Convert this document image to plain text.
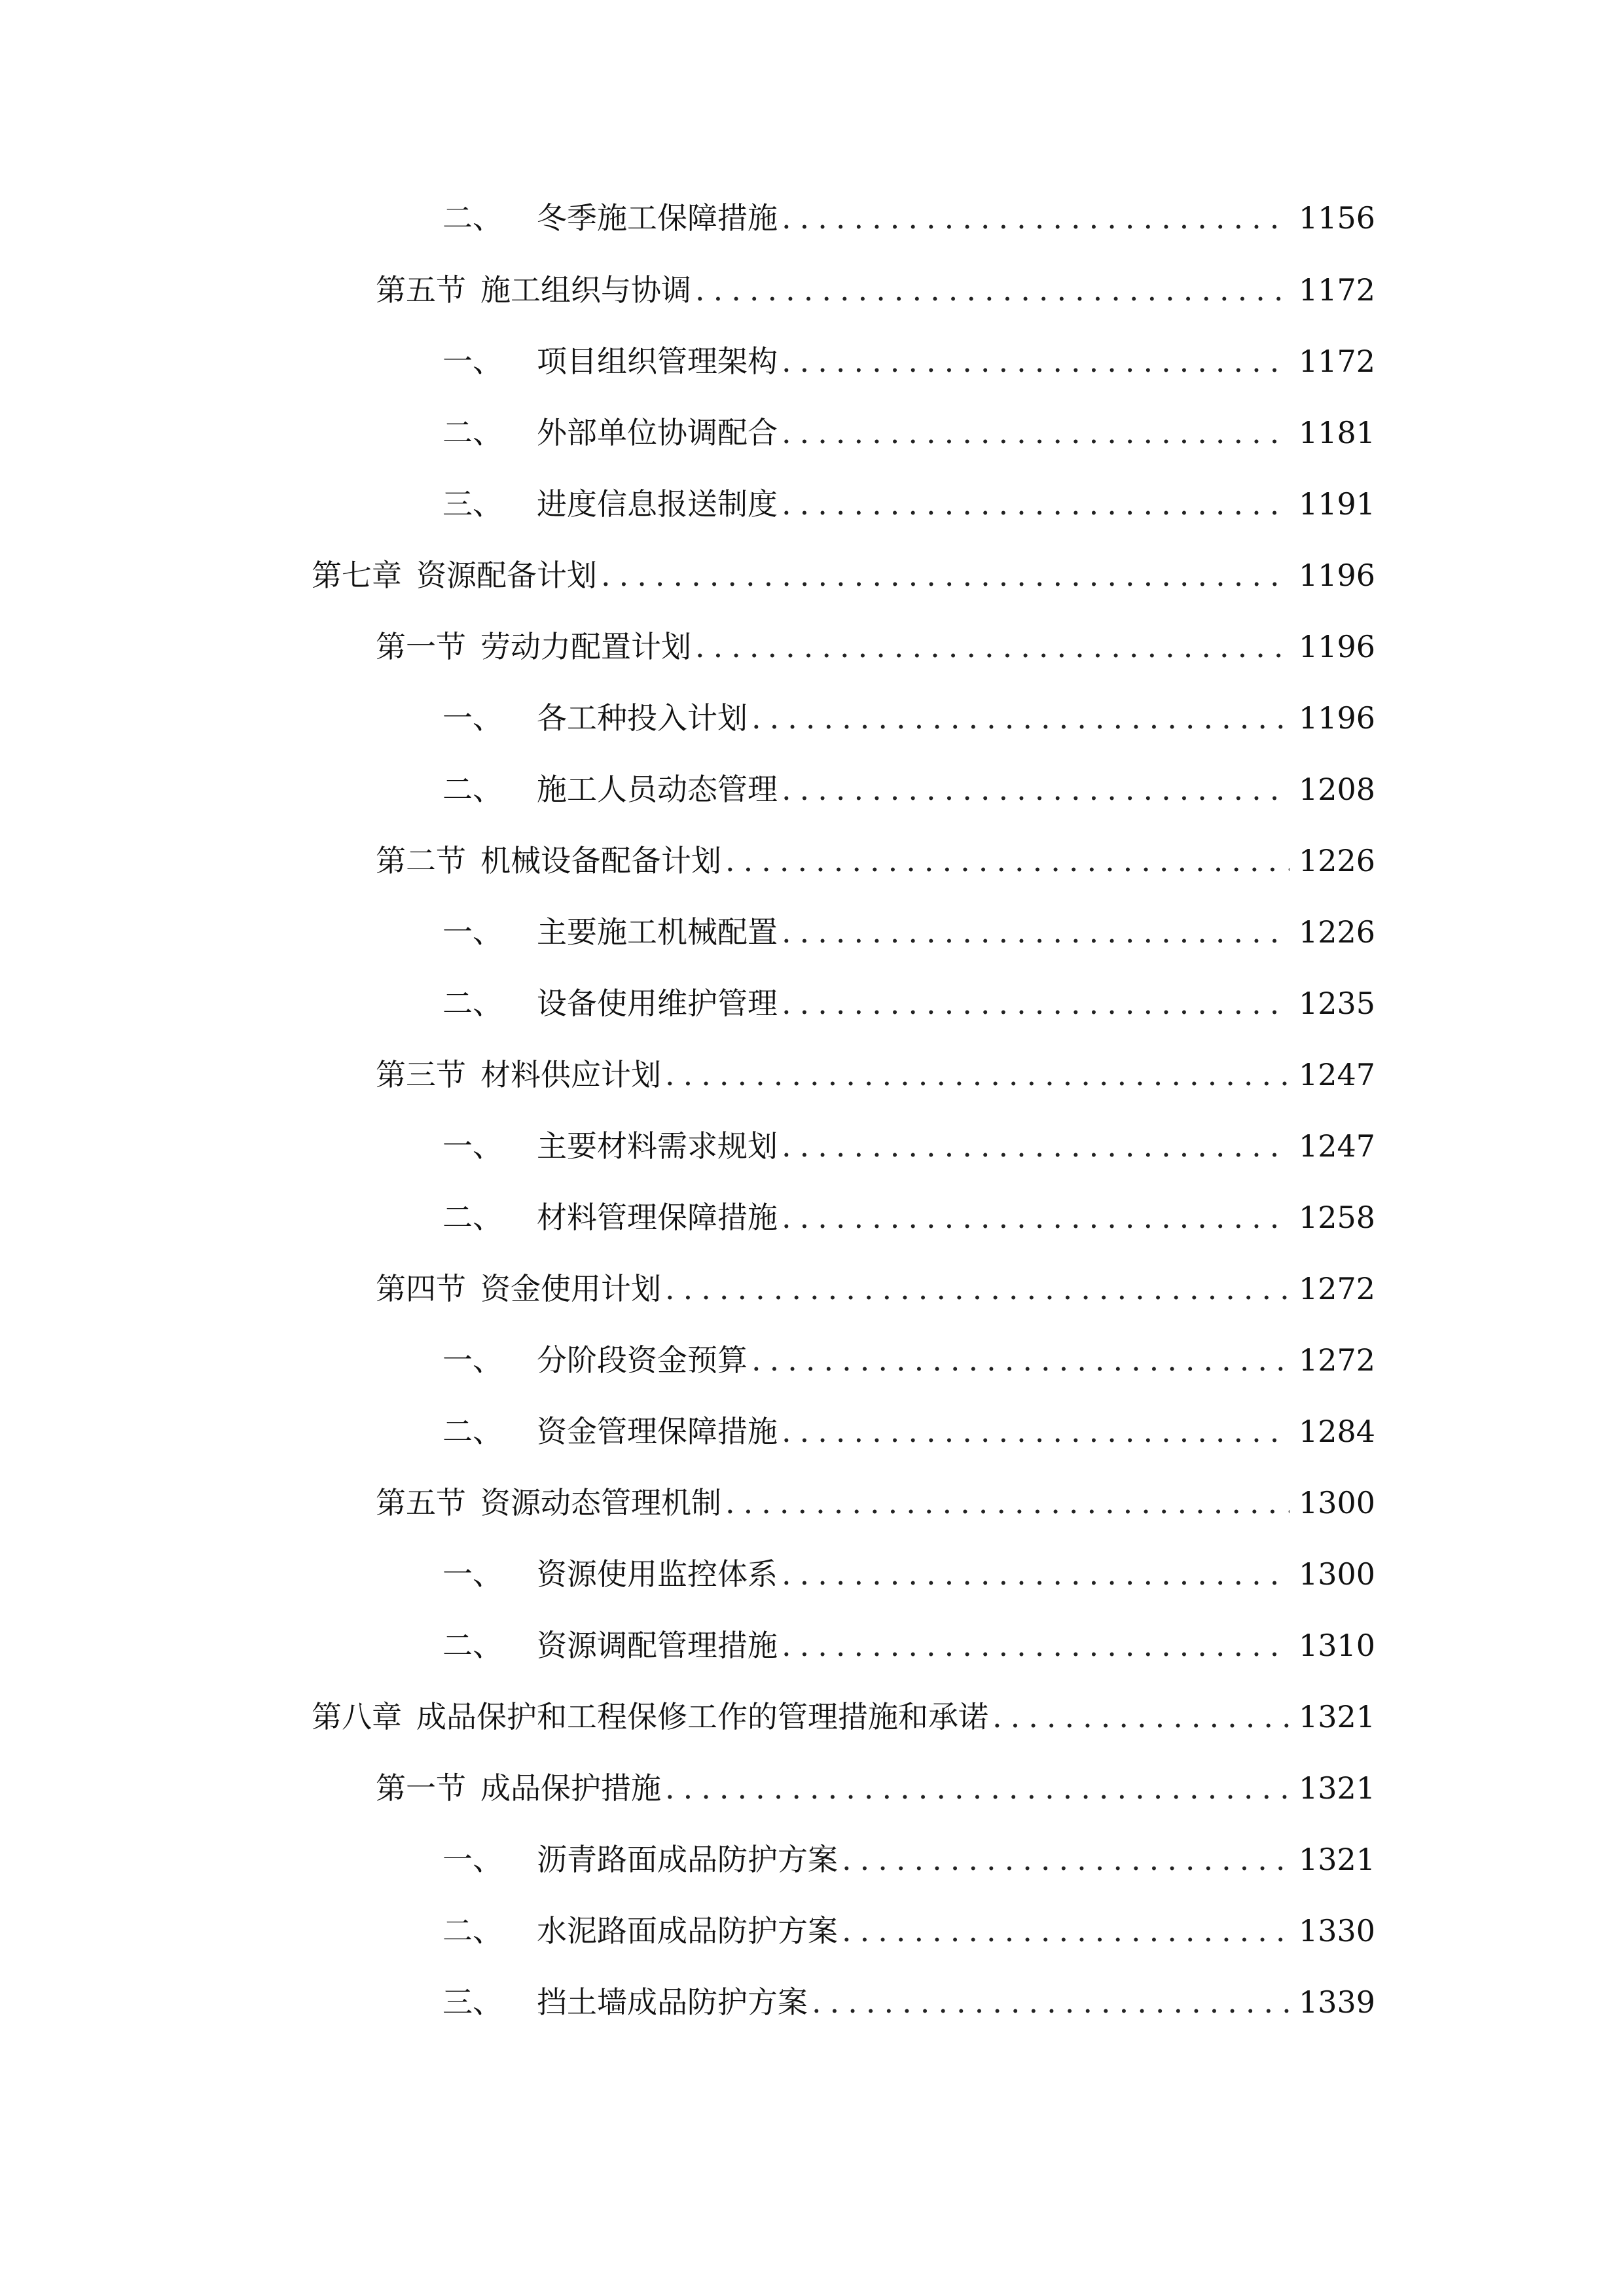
二、 冬季施工保障措施 .....	1156
第五节 施工组织与协调 .....	1172
一、 项目组织管理架构 .....	1172
二、 外部单位协调配合 .....	1181
三、 进度信息报送制度 .....	1191
第七章 资源配备计划 .....	1196
第一节 劳动力配置计划 .....	1196
一、 各工种投入计划 .....	1196
二、 施工人员动态管理 .....	1208
第二节 机械设备配备计划 .....	1226
一、 主要施工机械配置 .....	1226
二、 设备使用维护管理 .....	1235
第三节 材料供应计划 .....	1247
一、 主要材料需求规划 .....	1247
二、 材料管理保障措施 .....	1258
第四节 资金使用计划 .....	1272
一、 分阶段资金预算 .....	1272
二、 资金管理保障措施 .....	1284
第五节 资源动态管理机制 .....	1300
一、 资源使用监控体系 .....	1300
二、 资源调配管理措施 .....	1310
第八章 成品保护和工程保修工作的管理措施和承诺 .....	1321
第一节 成品保护措施 .....	1321
一、 沥青路面成品防护方案 .....	1321
二、 水泥路面成品防护方案 .....	1330
三、 挡土墙成品防护方案 .....	1339
